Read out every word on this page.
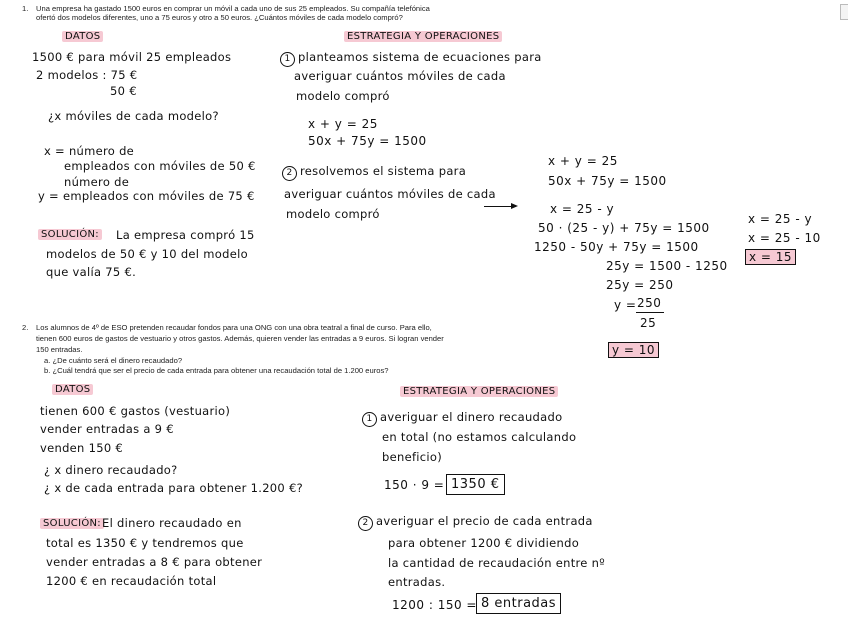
1. Una empresa ha gastado 1500 euros en comprar un móvil a cada uno de sus 25 empleados. Su compañía telefónica
ofertó dos modelos diferentes, uno a 75 euros y otro a 50 euros. ¿Cuántos móviles de cada modelo compró?
DATOS	ESTRATEGIA Y OPERACIONES
1500 € para móvil 25 empleados
2 modelos : 75 €
50 €
¿x móviles de cada modelo?
x = número de
empleados con móviles de 50 €
número de
y = empleados con móviles de 75 €
SOLUCIÓN: La empresa compró 15
modelos de 50 € y 10 del modelo
que valía 75 €.
1 planteamos sistema de ecuaciones para
averiguar cuántos móviles de cada
modelo compró
x + y = 25
50x + 75y = 1500
2 resolvemos el sistema para
averiguar cuántos móviles de cada
modelo compró
x + y = 25
50x + 75y = 1500
x = 25 - y
50 · (25 - y) + 75y = 1500
1250 - 50y + 75y = 1500
25y = 1500 - 1250
25y = 250
y = 250
25
y = 10
x = 25 - y
x = 25 - 10
x = 15
2. Los alumnos de 4º de ESO pretenden recaudar fondos para una ONG con una obra teatral a final de curso. Para ello,
tienen 600 euros de gastos de vestuario y otros gastos. Además, quieren vender las entradas a 9 euros. Si logran vender
150 entradas.
a. ¿De cuánto será el dinero recaudado?
b. ¿Cuál tendrá que ser el precio de cada entrada para obtener una recaudación total de 1.200 euros?
DATOS	ESTRATEGIA Y OPERACIONES
tienen 600 € gastos (vestuario)
vender entradas a 9 €
venden 150 €
¿ x dinero recaudado?
¿ x de cada entrada para obtener 1.200 €?
SOLUCIÓN: El dinero recaudado en
total es 1350 € y tendremos que
vender entradas a 8 € para obtener
1200 € en recaudación total
1 averiguar el dinero recaudado
en total (no estamos calculando
beneficio)
150 · 9 = 1350 €
2 averiguar el precio de cada entrada
para obtener 1200 € dividiendo
la cantidad de recaudación entre nº
entradas.
1200 : 150 = 8 entradas
